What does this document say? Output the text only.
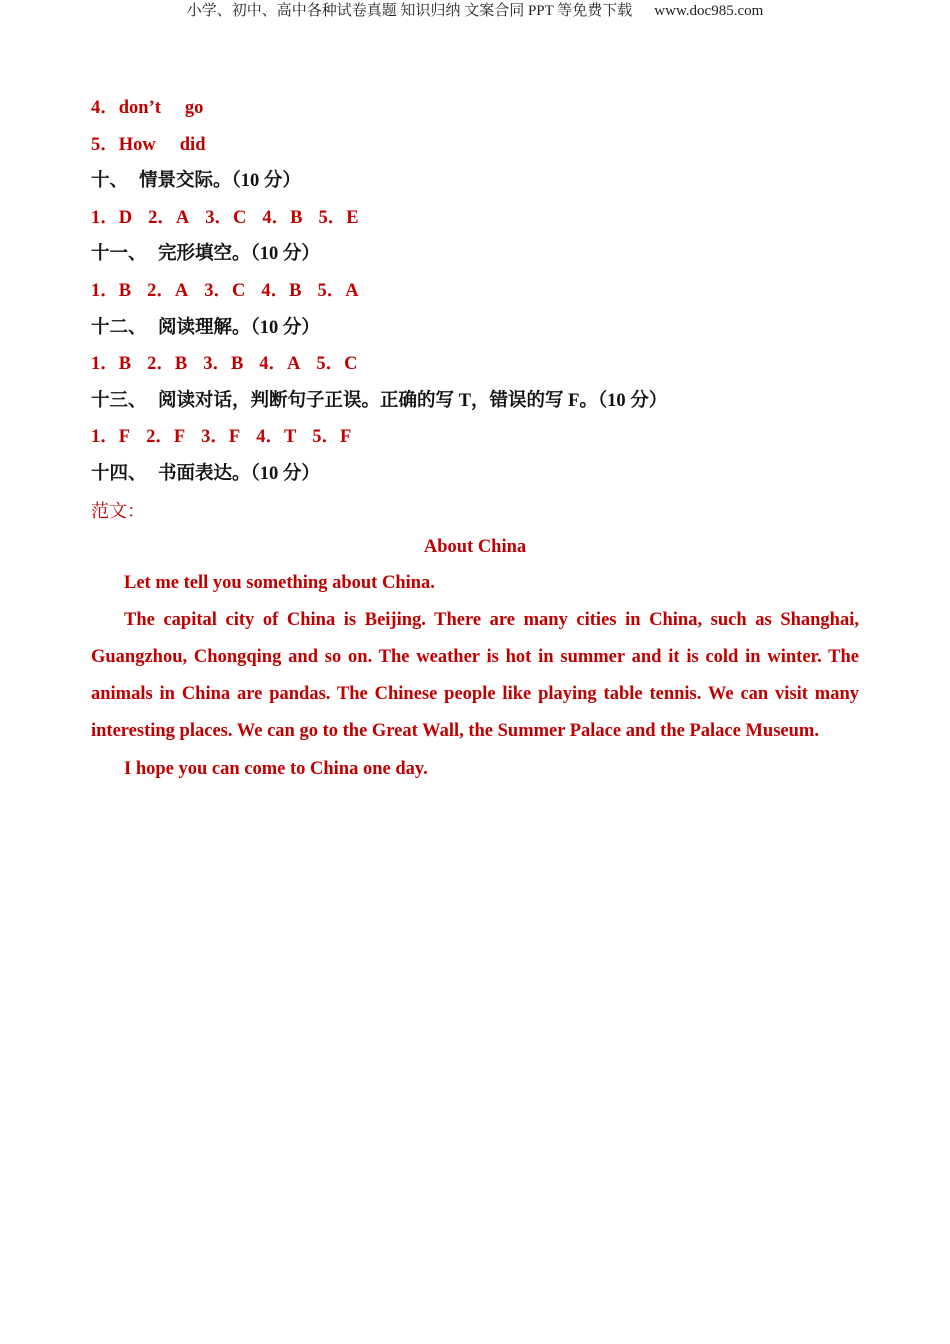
小学、初中、高中各种试卷真题 知识归纳 文案合同 PPT 等免费下载 www.doc985.com
4．don’t go
5．How did
十、 情景交际。（10 分）
1．D 2．A 3．C 4．B 5．E
十一、 完形填空。（10 分）
1．B 2．A 3．C 4．B 5．A
十二、 阅读理解。（10 分）
1．B 2．B 3．B 4．A 5．C
十三、 阅读对话，判断句子正误。正确的写 T，错误的写 F。（10 分）
1．F 2．F 3．F 4．T 5．F
十四、 书面表达。（10 分）
范文：
About China

Let me tell you something about China.

The capital city of China is Beijing. There are many cities in China, such as Shanghai, Guangzhou, Chongqing and so on. The weather is hot in summer and it is cold in winter. The animals in China are pandas. The Chinese people like playing table tennis. We can visit many interesting places. We can go to the Great Wall, the Summer Palace and the Palace Museum.

I hope you can come to China one day.
